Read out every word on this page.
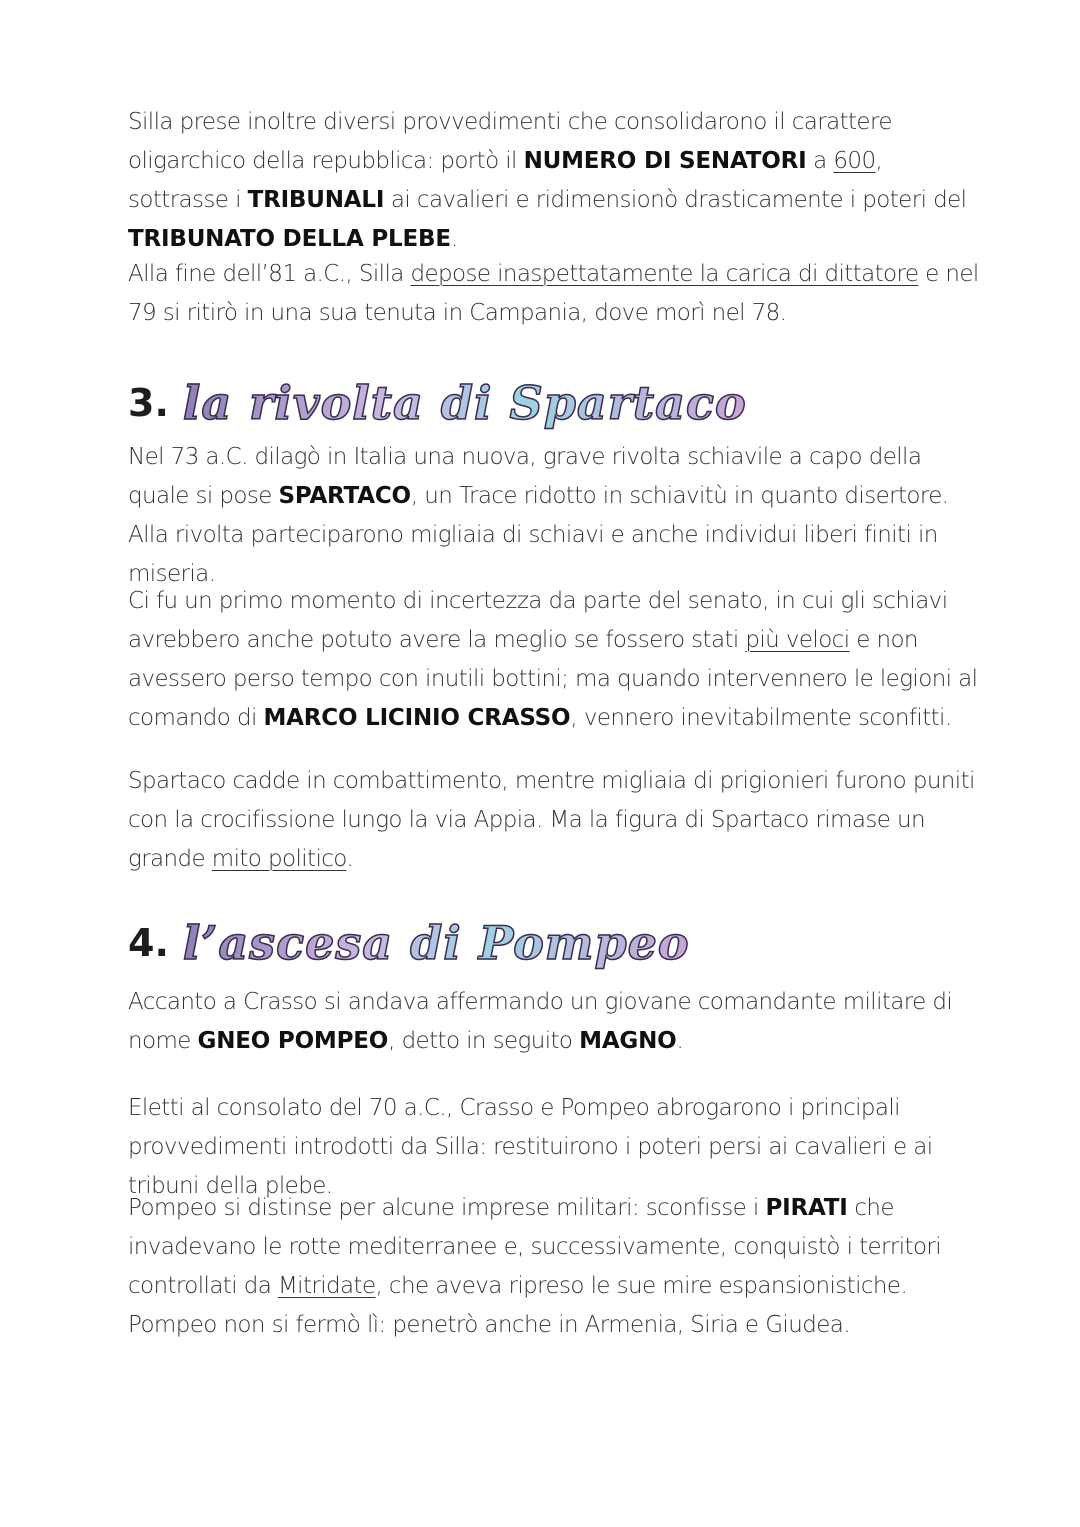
Silla prese inoltre diversi provvedimenti che consolidarono il carattere oligarchico della repubblica: portò il NUMERO DI SENATORI a 600, sottrasse i TRIBUNALI ai cavalieri e ridimensionò drasticamente i poteri del TRIBUNATO DELLA PLEBE.

Alla fine dell’81 a.C., Silla depose inaspettatamente la carica di dittatore e nel 79 si ritirò in una sua tenuta in Campania, dove morì nel 78.

3. la rivolta di Spartaco

Nel 73 a.C. dilagò in Italia una nuova, grave rivolta schiavile a capo della quale si pose SPARTACO, un Trace ridotto in schiavitù in quanto disertore.
Alla rivolta parteciparono migliaia di schiavi e anche individui liberi finiti in miseria.

Ci fu un primo momento di incertezza da parte del senato, in cui gli schiavi avrebbero anche potuto avere la meglio se fossero stati più veloci e non avessero perso tempo con inutili bottini; ma quando intervennero le legioni al comando di MARCO LICINIO CRASSO, vennero inevitabilmente sconfitti.

Spartaco cadde in combattimento, mentre migliaia di prigionieri furono puniti con la crocifissione lungo la via Appia. Ma la figura di Spartaco rimase un grande mito politico.

4. l’ascesa di Pompeo

Accanto a Crasso si andava affermando un giovane comandante militare di nome GNEO POMPEO, detto in seguito MAGNO.

Eletti al consolato del 70 a.C., Crasso e Pompeo abrogarono i principali provvedimenti introdotti da Silla: restituirono i poteri persi ai cavalieri e ai tribuni della plebe.

Pompeo si distinse per alcune imprese militari: sconfisse i PIRATI che invadevano le rotte mediterranee e, successivamente, conquistò i territori controllati da Mitridate, che aveva ripreso le sue mire espansionistiche. Pompeo non si fermò lì: penetrò anche in Armenia, Siria e Giudea.
